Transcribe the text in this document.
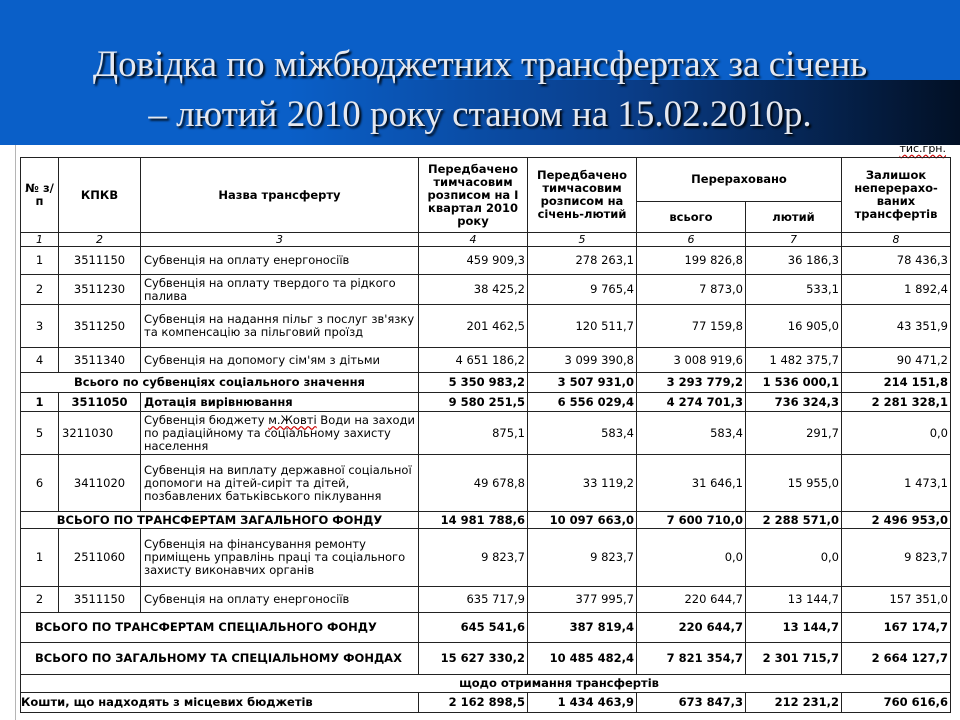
Довідка по міжбюджетних трансфертах за січень
– лютий 2010 року станом на 15.02.2010р.
тис.грн.
№ з/п	КПКВ	Назва трансферту	Передбачено тимчасовим розписом на І квартал 2010 року	Передбачено тимчасовим розписом на січень-лютий	Перераховано		Залишок неперерахо-ваних трансфертів
					всього	лютий	
1	2	3	4	5	6	7	8
1	3511150	Субвенція на оплату енергоносіїв	459 909,3	278 263,1	199 826,8	36 186,3	78 436,3
2	3511230	Субвенція на оплату твердого та рідкого палива	38 425,2	9 765,4	7 873,0	533,1	1 892,4
3	3511250	Субвенція на надання пільг з послуг зв'язку та компенсацію за пільговий проїзд	201 462,5	120 511,7	77 159,8	16 905,0	43 351,9
4	3511340	Субвенція на допомогу сім'ям з дітьми	4 651 186,2	3 099 390,8	3 008 919,6	1 482 375,7	90 471,2
Всього по субвенціях соціального значення			5 350 983,2	3 507 931,0	3 293 779,2	1 536 000,1	214 151,8
1	3511050	Дотація вирівнювання	9 580 251,5	6 556 029,4	4 274 701,3	736 324,3	2 281 328,1
5	3211030	Субвенція бюджету м.Жовті Води на заходи по радіаційному та соціальному захисту населення	875,1	583,4	583,4	291,7	0,0
6	3411020	Субвенція на виплату державної соціальної допомоги на дітей-сиріт та дітей, позбавлених батьківського піклування	49 678,8	33 119,2	31 646,1	15 955,0	1 473,1
ВСЬОГО ПО ТРАНСФЕРТАМ ЗАГАЛЬНОГО ФОНДУ			14 981 788,6	10 097 663,0	7 600 710,0	2 288 571,0	2 496 953,0
1	2511060	Субвенція на фінансування ремонту приміщень управлінь праці та соціального захисту виконавчих органів	9 823,7	9 823,7	0,0	0,0	9 823,7
2	3511150	Субвенція на оплату енергоносіїв	635 717,9	377 995,7	220 644,7	13 144,7	157 351,0
ВСЬОГО ПО ТРАНСФЕРТАМ СПЕЦІАЛЬНОГО ФОНДУ			645 541,6	387 819,4	220 644,7	13 144,7	167 174,7
ВСЬОГО ПО ЗАГАЛЬНОМУ ТА СПЕЦІАЛЬНОМУ ФОНДАХ			15 627 330,2	10 485 482,4	7 821 354,7	2 301 715,7	2 664 127,7
щодо отримання трансфертів							
Кошти, що надходять з місцевих бюджетів			2 162 898,5	1 434 463,9	673 847,3	212 231,2	760 616,6
